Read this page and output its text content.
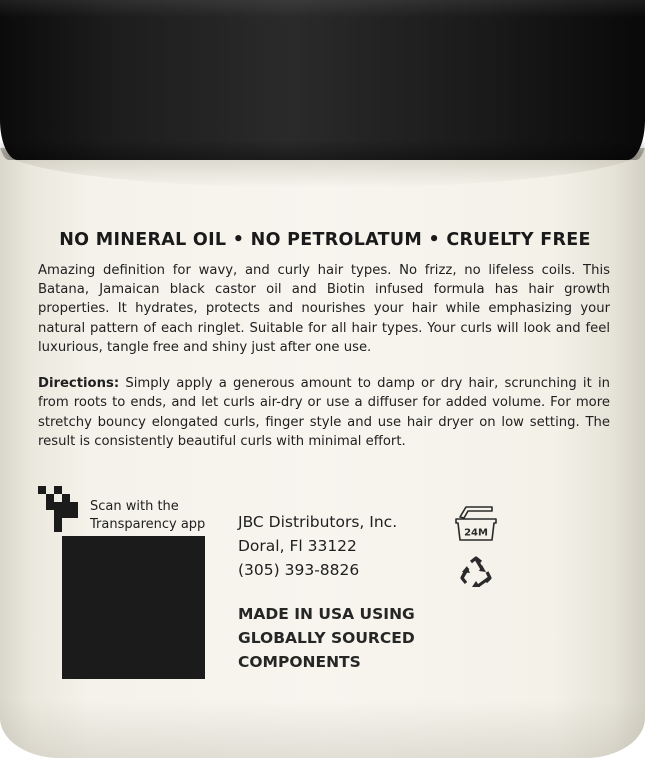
NO MINERAL OIL • NO PETROLATUM • CRUELTY FREE

Amazing definition for wavy, and curly hair types. No frizz, no lifeless coils. This Batana, Jamaican black castor oil and Biotin infused formula has hair growth properties. It hydrates, protects and nourishes your hair while emphasizing your natural pattern of each ringlet. Suitable for all hair types. Your curls will look and feel luxurious, tangle free and shiny just after one use.

Directions: Simply apply a generous amount to damp or dry hair, scrunching it in from roots to ends, and let curls air-dry or use a diffuser for added volume. For more stretchy bouncy elongated curls, finger style and use hair dryer on low setting. The result is consistently beautiful curls with minimal effort.

Scan with the
Transparency app JBC Distributors, Inc.
Doral, Fl 33122
(305) 393-8826
MADE IN USA USING
GLOBALLY SOURCED
COMPONENTS
24M
